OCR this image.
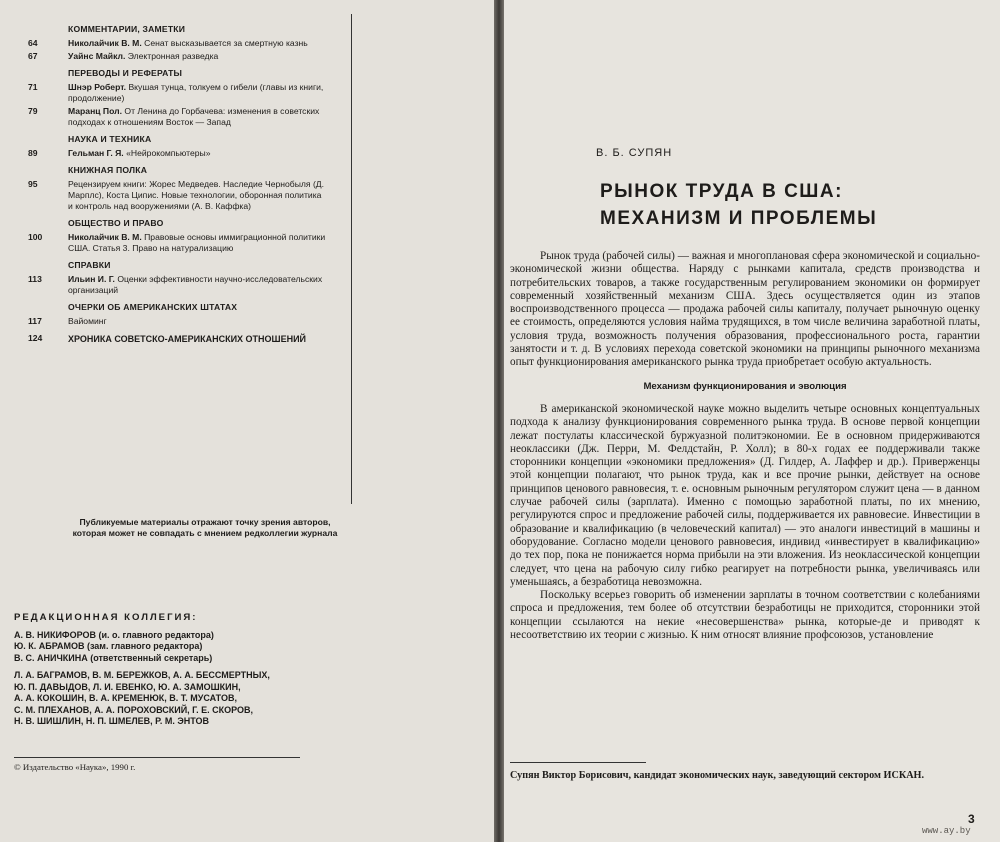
КОММЕНТАРИИ, ЗАМЕТКИ
64	Николайчик В. М. Сенат высказывается за смертную казнь
67	Уайнс Майкл. Электронная разведка
ПЕРЕВОДЫ И РЕФЕРАТЫ
71	Шнэр Роберт. Вкушая тунца, толкуем о гибели (главы из книги, продолжение)
79	Маранц Пол. От Ленина до Горбачева: изменения в советских подходах к отношениям Восток — Запад
НАУКА И ТЕХНИКА
89	Гельман Г. Я. «Нейрокомпьютеры»
КНИЖНАЯ ПОЛКА
95	Рецензируем книги: Жорес Медведев. Наследие Чернобыля (Д. Марплс), Коста Ципис. Новые технологии, оборонная политика и контроль над вооружениями (А. В. Каффка)
ОБЩЕСТВО И ПРАВО
100	Николайчик В. М. Правовые основы иммиграционной политики США. Статья 3. Право на натурализацию
СПРАВКИ
113	Ильин И. Г. Оценки эффективности научно-исследовательских организаций
ОЧЕРКИ ОБ АМЕРИКАНСКИХ ШТАТАХ
117	Вайоминг
124	ХРОНИКА СОВЕТСКО-АМЕРИКАНСКИХ ОТНОШЕНИЙ
Публикуемые материалы отражают точку зрения авторов, которая может не совпадать с мнением редколлегии журнала
РЕДАКЦИОННАЯ КОЛЛЕГИЯ:
А. В. НИКИФОРОВ (и. о. главного редактора)
Ю. К. АБРАМОВ (зам. главного редактора)
В. С. АНИЧКИНА (ответственный секретарь)
Л. А. БАГРАМОВ, В. М. БЕРЕЖКОВ, А. А. БЕССМЕРТНЫХ,
Ю. П. ДАВЫДОВ, Л. И. ЕВЕНКО, Ю. А. ЗАМОШКИН,
А. А. КОКОШИН, В. А. КРЕМЕНЮК, В. Т. МУСАТОВ,
С. М. ПЛЕХАНОВ, А. А. ПОРОХОВСКИЙ, Г. Е. СКОРОВ,
Н. В. ШИШЛИН, Н. П. ШМЕЛЕВ, Р. М. ЭНТОВ
© Издательство «Наука», 1990 г.
В. Б. СУПЯН
РЫНОК ТРУДА В США:
МЕХАНИЗМ И ПРОБЛЕМЫ

Рынок труда (рабочей силы) — важная и многоплановая сфера экономической и социально-экономической жизни общества. Наряду с рынками капитала, средств производства и потребительских товаров, а также государственным регулированием экономики он формирует современный хозяйственный механизм США. Здесь осуществляется один из этапов воспроизводственного процесса — продажа рабочей силы капиталу, получает рыночную оценку ее стоимость, определяются условия найма трудящихся, в том числе величина заработной платы, условия труда, возможность получения образования, профессионального роста, гарантии занятости и т. д. В условиях перехода советской экономики на принципы рыночного механизма опыт функционирования американского рынка труда приобретает особую актуальность.

Механизм функционирования и эволюция

В американской экономической науке можно выделить четыре основных концептуальных подхода к анализу функционирования современного рынка труда. В основе первой концепции лежат постулаты классической буржуазной политэкономии. Ее в основном придерживаются неоклассики (Дж. Перри, М. Фелдстайн, Р. Холл); в 80-х годах ее поддерживали также сторонники концепции «экономики предложения» (Д. Гилдер, А. Лаффер и др.). Приверженцы этой концепции полагают, что рынок труда, как и все прочие рынки, действует на основе принципов ценового равновесия, т. е. основным рыночным регулятором служит цена — в данном случае рабочей силы (зарплата). Именно с помощью заработной платы, по их мнению, регулируются спрос и предложение рабочей силы, поддерживается их равновесие. Инвестиции в образование и квалификацию (в человеческий капитал) — это аналоги инвестиций в машины и оборудование. Согласно модели ценового равновесия, индивид «инвестирует в квалификацию» до тех пор, пока не понижается норма прибыли на эти вложения. Из неоклассической концепции следует, что цена на рабочую силу гибко реагирует на потребности рынка, увеличиваясь или уменьшаясь, а безработица невозможна.

Поскольку всерьез говорить об изменении зарплаты в точном соответствии с колебаниями спроса и предложения, тем более об отсутствии безработицы не приходится, сторонники этой концепции ссылаются на некие «несовершенства» рынка, которые-де и приводят к несоответствию их теории с жизнью. К ним относят влияние профсоюзов, установление

Супян Виктор Борисович, кандидат экономических наук, заведующий сектором ИСКАН.
3
www.ay.by
